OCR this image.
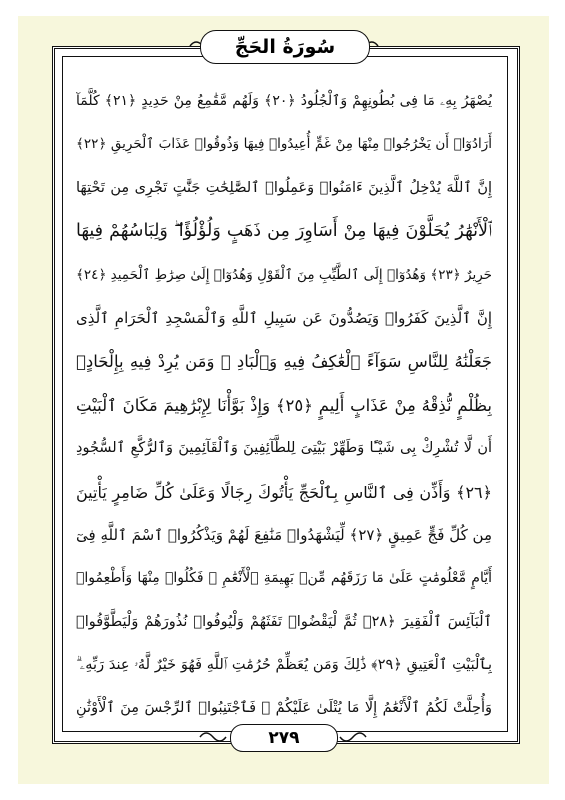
سُورَةُ الحَجِّ
يُصْهَرُ بِهِۦ مَا فِى بُطُونِهِمْ وَٱلْجُلُودُ ﴿٢٠﴾ وَلَهُم مَّقَٰمِعُ مِنْ حَدِيدٍ ﴿٢١﴾ كُلَّمَآ
أَرَادُوٓا۟ أَن يَخْرُجُوا۟ مِنْهَا مِنْ غَمٍّ أُعِيدُوا۟ فِيهَا وَذُوقُوا۟ عَذَابَ ٱلْحَرِيقِ ﴿٢٢﴾
إِنَّ ٱللَّهَ يُدْخِلُ ٱلَّذِينَ ءَامَنُوا۟ وَعَمِلُوا۟ ٱلصَّٰلِحَٰتِ جَنَّٰتٍ تَجْرِى مِن تَحْتِهَا
ٱلْأَنْهَٰرُ يُحَلَّوْنَ فِيهَا مِنْ أَسَاوِرَ مِن ذَهَبٍ وَلُؤْلُؤًا ۖ وَلِبَاسُهُمْ فِيهَا
حَرِيرٌ ﴿٢٣﴾ وَهُدُوٓا۟ إِلَى ٱلطَّيِّبِ مِنَ ٱلْقَوْلِ وَهُدُوٓا۟ إِلَىٰ صِرَٰطِ ٱلْحَمِيدِ ﴿٢٤﴾
إِنَّ ٱلَّذِينَ كَفَرُوا۟ وَيَصُدُّونَ عَن سَبِيلِ ٱللَّهِ وَٱلْمَسْجِدِ ٱلْحَرَامِ ٱلَّذِى
جَعَلْنَٰهُ لِلنَّاسِ سَوَآءً ٱلْعَٰكِفُ فِيهِ وَٱلْبَادِ ۚ وَمَن يُرِدْ فِيهِ بِإِلْحَادٍۭ
بِظُلْمٍ نُّذِقْهُ مِنْ عَذَابٍ أَلِيمٍ ﴿٢٥﴾ وَإِذْ بَوَّأْنَا لِإِبْرَٰهِيمَ مَكَانَ ٱلْبَيْتِ
أَن لَّا تُشْرِكْ بِى شَيْـًٔا وَطَهِّرْ بَيْتِىَ لِلطَّآئِفِينَ وَٱلْقَآئِمِينَ وَٱلرُّكَّعِ ٱلسُّجُودِ
﴿٢٦﴾ وَأَذِّن فِى ٱلنَّاسِ بِٱلْحَجِّ يَأْتُوكَ رِجَالًا وَعَلَىٰ كُلِّ ضَامِرٍ يَأْتِينَ
مِن كُلِّ فَجٍّ عَمِيقٍ ﴿٢٧﴾ لِّيَشْهَدُوا۟ مَنَٰفِعَ لَهُمْ وَيَذْكُرُوا۟ ٱسْمَ ٱللَّهِ فِىٓ
أَيَّامٍ مَّعْلُومَٰتٍ عَلَىٰ مَا رَزَقَهُم مِّنۢ بَهِيمَةِ ٱلْأَنْعَٰمِ ۖ فَكُلُوا۟ مِنْهَا وَأَطْعِمُوا۟
ٱلْبَآئِسَ ٱلْفَقِيرَ ﴿٢٨﴾ ثُمَّ لْيَقْضُوا۟ تَفَثَهُمْ وَلْيُوفُوا۟ نُذُورَهُمْ وَلْيَطَّوَّفُوا۟
بِٱلْبَيْتِ ٱلْعَتِيقِ ﴿٢٩﴾ ذَٰلِكَ وَمَن يُعَظِّمْ حُرُمَٰتِ ٱللَّهِ فَهُوَ خَيْرٌ لَّهُۥ عِندَ رَبِّهِۦ ۗ
وَأُحِلَّتْ لَكُمُ ٱلْأَنْعَٰمُ إِلَّا مَا يُتْلَىٰ عَلَيْكُمْ ۖ فَٱجْتَنِبُوا۟ ٱلرِّجْسَ مِنَ ٱلْأَوْثَٰنِ
٢٧٩
